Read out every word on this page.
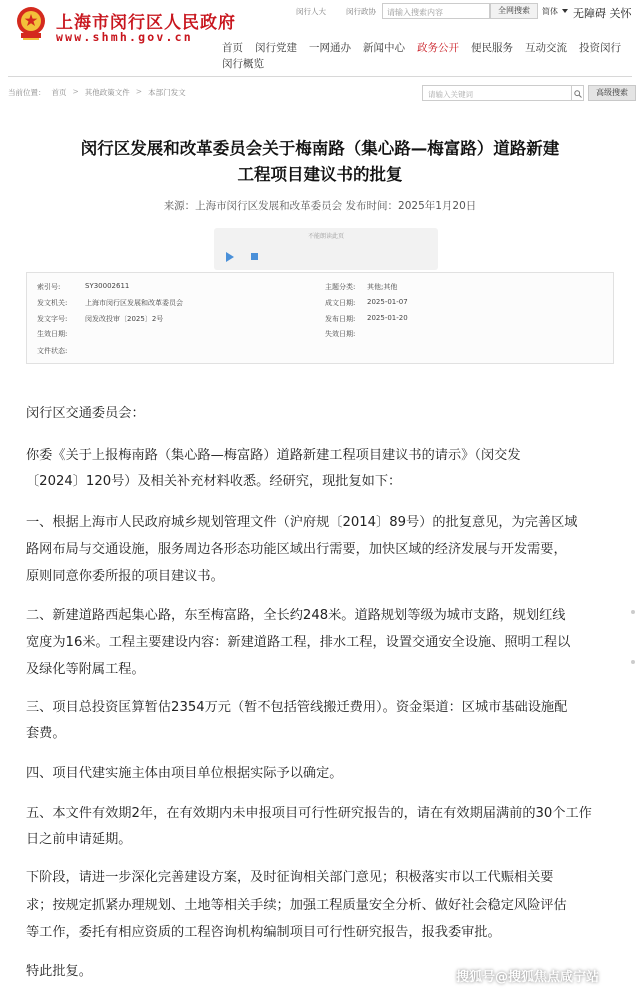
上海市闵行区人民政府
www.shmh.gov.cn
闵行人大	闵行政协	请输入搜索内容	全网搜索	简体 无障碍 关怀
首页 闵行党建 一网通办 新闻中心 政务公开 便民服务 互动交流 投资闵行
闵行概览
当前位置： 首页 > 其他政策文件 > 本部门发文	请输入关键词	高级搜索
闵行区发展和改革委员会关于梅南路（集心路—梅富路）道路新建
工程项目建议书的批复
来源：上海市闵行区发展和改革委员会 发布时间：2025年1月20日
不能朗读此页
索引号:	SY30002611	主题分类: 其他;其他
发文机关:	上海市闵行区发展和改革委员会	成文日期: 2025-01-07
发文字号:	闵发改投审〔2025〕2号	发布日期: 2025-01-20
生效日期:	失效日期:
文件状态:
闵行区交通委员会：
你委《关于上报梅南路（集心路—梅富路）道路新建工程项目建议书的请示》（闵交发
〔2024〕120号）及相关补充材料收悉。经研究，现批复如下：
一、根据上海市人民政府城乡规划管理文件（沪府规〔2014〕89号）的批复意见，为完善区域
路网布局与交通设施，服务周边各形态功能区域出行需要，加快区域的经济发展与开发需要，
原则同意你委所报的项目建议书。
二、新建道路西起集心路，东至梅富路，全长约248米。道路规划等级为城市支路，规划红线
宽度为16米。工程主要建设内容：新建道路工程，排水工程，设置交通安全设施、照明工程以
及绿化等附属工程。
三、项目总投资匡算暂估2354万元（暂不包括管线搬迁费用）。资金渠道：区城市基础设施配
套费。
四、项目代建实施主体由项目单位根据实际予以确定。
五、本文件有效期2年，在有效期内未申报项目可行性研究报告的，请在有效期届满前的30个工作
日之前申请延期。
下阶段，请进一步深化完善建设方案，及时征询相关部门意见；积极落实市以工代赈相关要
求；按规定抓紧办理规划、土地等相关手续；加强工程质量安全分析、做好社会稳定风险评估
等工作，委托有相应资质的工程咨询机构编制项目可行性研究报告，报我委审批。
特此批复。	搜狐号@搜狐焦点咸宁站
